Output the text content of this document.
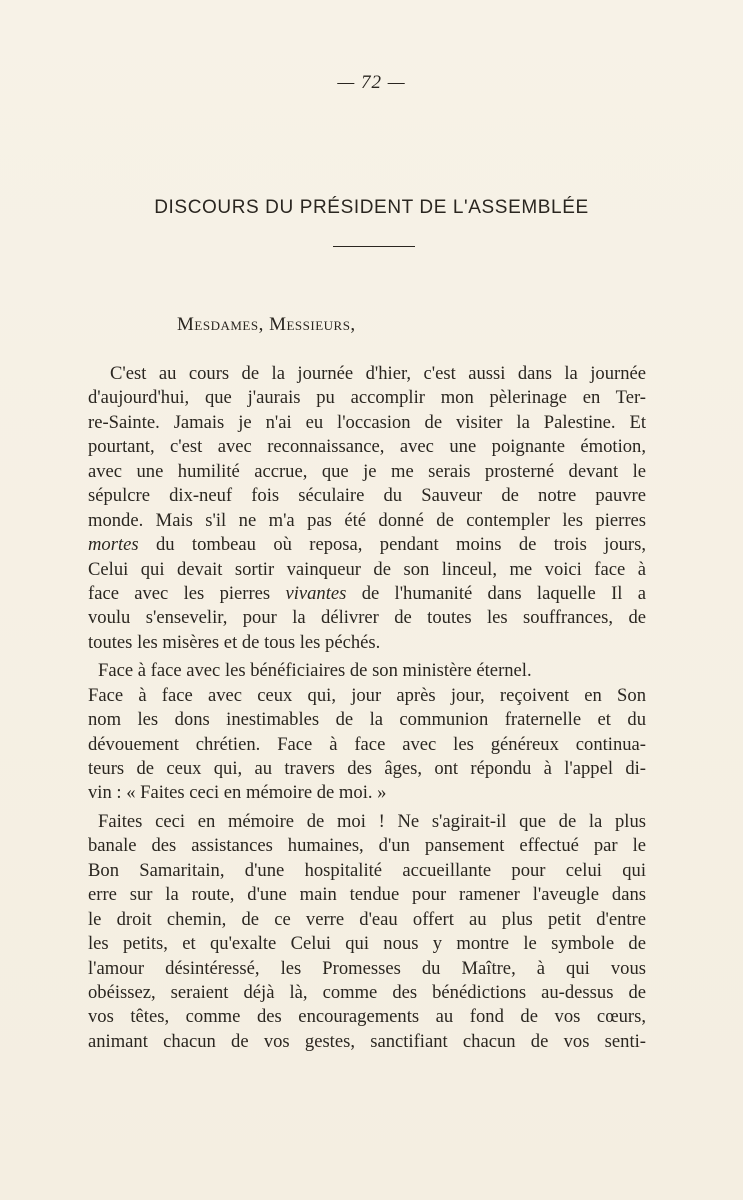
— 72 —
DISCOURS DU PRÉSIDENT DE L'ASSEMBLÉE
Mesdames, Messieurs,
C'est au cours de la journée d'hier, c'est aussi dans la journée
d'aujourd'hui, que j'aurais pu accomplir mon pèlerinage en Ter-
re-Sainte. Jamais je n'ai eu l'occasion de visiter la Palestine. Et
pourtant, c'est avec reconnaissance, avec une poignante émotion,
avec une humilité accrue, que je me serais prosterné devant le
sépulcre dix-neuf fois séculaire du Sauveur de notre pauvre
monde. Mais s'il ne m'a pas été donné de contempler les pierres
mortes du tombeau où reposa, pendant moins de trois jours,
Celui qui devait sortir vainqueur de son linceul, me voici face à
face avec les pierres vivantes de l'humanité dans laquelle Il a
voulu s'ensevelir, pour la délivrer de toutes les souffrances, de
toutes les misères et de tous les péchés.
Face à face avec les bénéficiaires de son ministère éternel.
Face à face avec ceux qui, jour après jour, reçoivent en Son
nom les dons inestimables de la communion fraternelle et du
dévouement chrétien. Face à face avec les généreux continua-
teurs de ceux qui, au travers des âges, ont répondu à l'appel di-
vin : « Faites ceci en mémoire de moi. »
Faites ceci en mémoire de moi ! Ne s'agirait-il que de la plus
banale des assistances humaines, d'un pansement effectué par le
Bon Samaritain, d'une hospitalité accueillante pour celui qui
erre sur la route, d'une main tendue pour ramener l'aveugle dans
le droit chemin, de ce verre d'eau offert au plus petit d'entre
les petits, et qu'exalte Celui qui nous y montre le symbole de
l'amour désintéressé, les Promesses du Maître, à qui vous
obéissez, seraient déjà là, comme des bénédictions au-dessus de
vos têtes, comme des encouragements au fond de vos cœurs,
animant chacun de vos gestes, sanctifiant chacun de vos senti-
